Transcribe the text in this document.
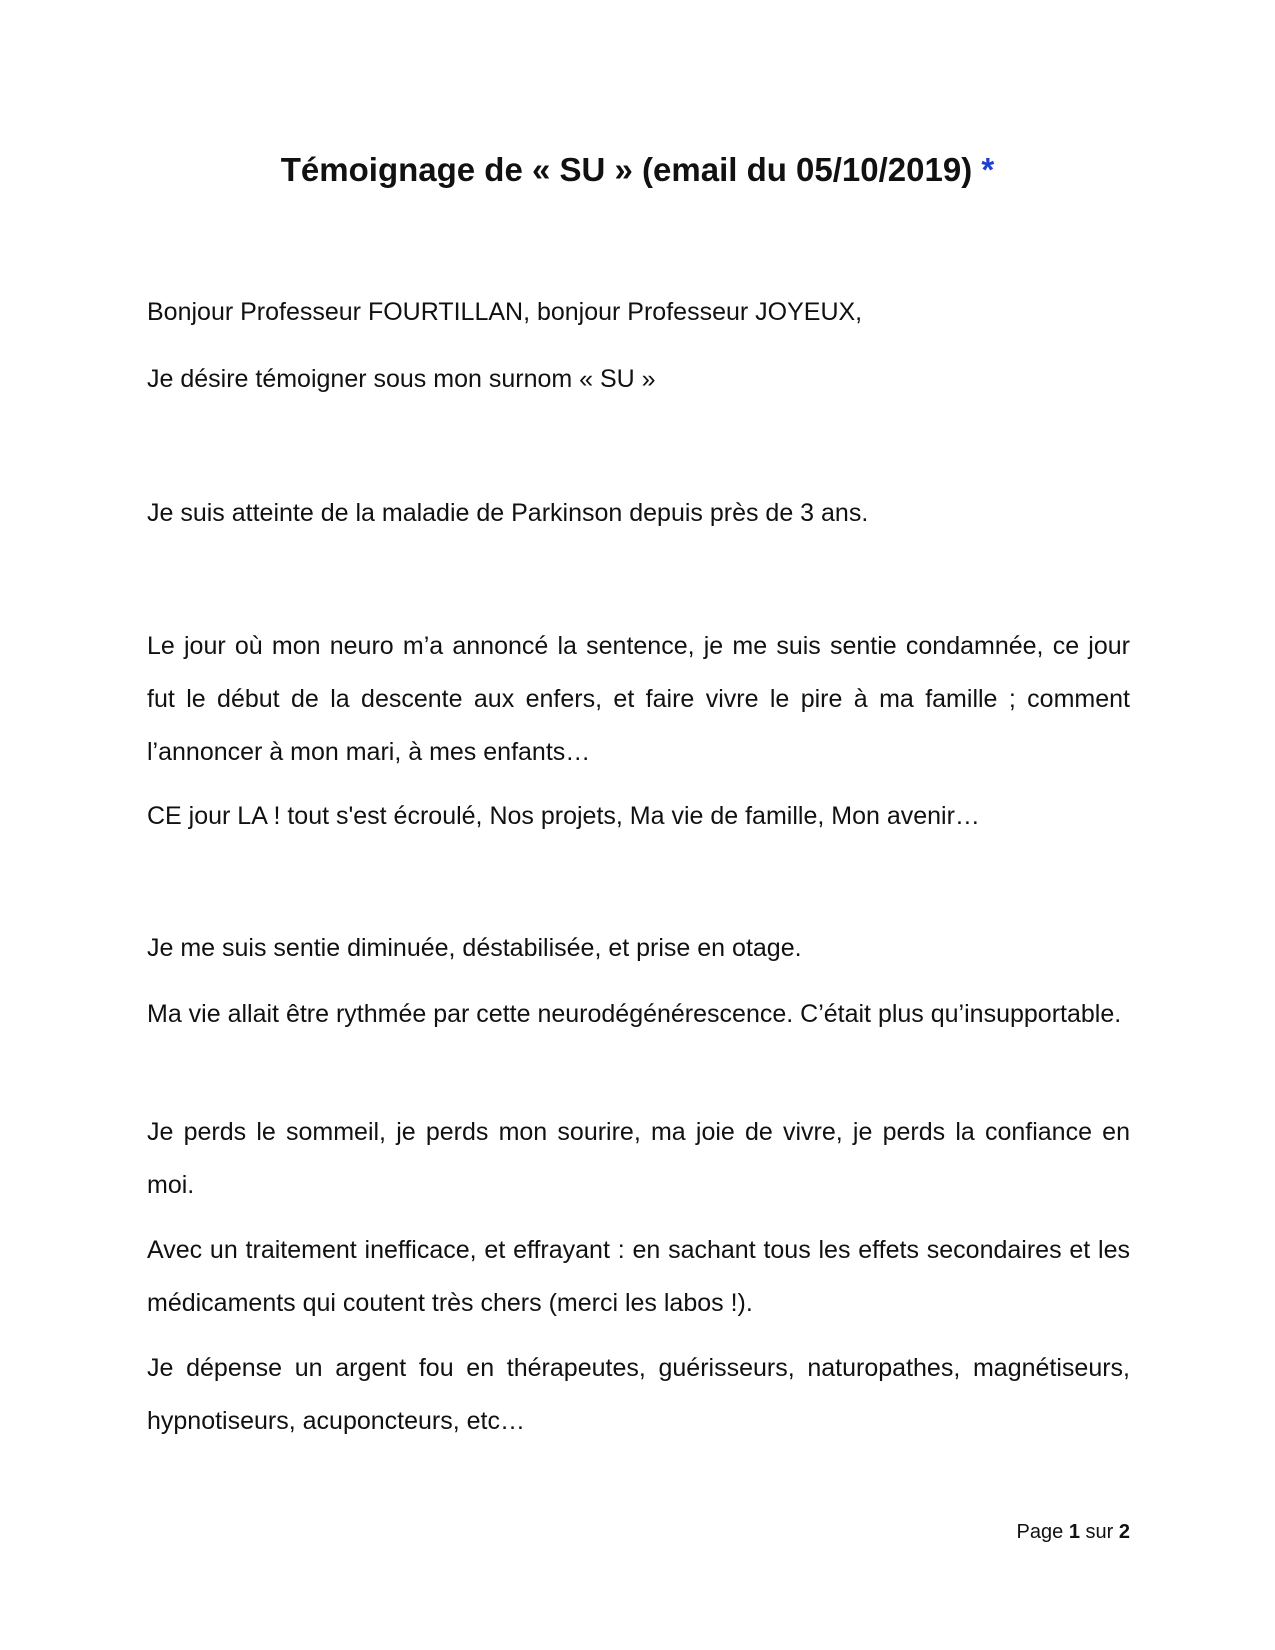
Témoignage de « SU » (email du 05/10/2019) *

Bonjour Professeur FOURTILLAN, bonjour Professeur JOYEUX,

Je désire témoigner sous mon surnom « SU »

Je suis atteinte de la maladie de Parkinson depuis près de 3 ans.

Le jour où mon neuro m’a annoncé la sentence, je me suis sentie condamnée, ce jour fut le début de la descente aux enfers, et faire vivre le pire à ma famille ; comment l’annoncer à mon mari, à mes enfants…

CE jour LA ! tout s'est écroulé, Nos projets, Ma vie de famille, Mon avenir…

Je me suis sentie diminuée, déstabilisée, et prise en otage.

Ma vie allait être rythmée par cette neurodégénérescence. C’était plus qu’insupportable.

Je perds le sommeil, je perds mon sourire, ma joie de vivre, je perds la confiance en moi.

Avec un traitement inefficace, et effrayant : en sachant tous les effets secondaires et les médicaments qui coutent très chers (merci les labos !).

Je dépense un argent fou en thérapeutes, guérisseurs, naturopathes, magnétiseurs, hypnotiseurs, acuponcteurs, etc…

Page 1 sur 2
